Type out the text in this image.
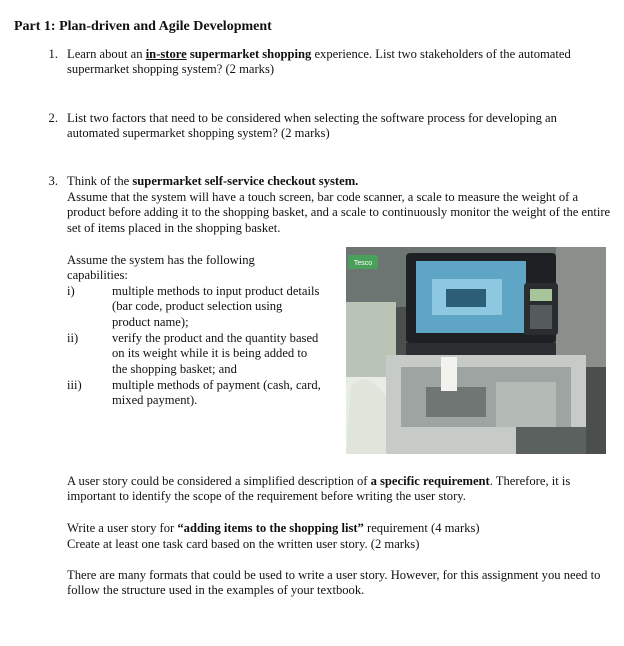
Part 1: Plan-driven and Agile Development
1. Learn about an in-store supermarket shopping experience. List two stakeholders of the automated supermarket shopping system? (2 marks)
2. List two factors that need to be considered when selecting the software process for developing an automated supermarket shopping system? (2 marks)
3. Think of the supermarket self-service checkout system.
Assume that the system will have a touch screen, bar code scanner, a scale to measure the weight of a product before adding it to the shopping basket, and a scale to continuously monitor the weight of the entire set of items placed in the shopping basket.
Assume the system has the following capabilities:
i)	multiple methods to input product details (bar code, product selection using product name);
ii)	verify the product and the quantity based on its weight while it is being added to the shopping basket; and
iii)	multiple methods of payment (cash, card, mixed payment).
Tesco
A user story could be considered a simplified description of a specific requirement. Therefore, it is important to identify the scope of the requirement before writing the user story.
Write a user story for “adding items to the shopping list” requirement (4 marks)
Create at least one task card based on the written user story. (2 marks)
There are many formats that could be used to write a user story. However, for this assignment you need to follow the structure used in the examples of your textbook.
